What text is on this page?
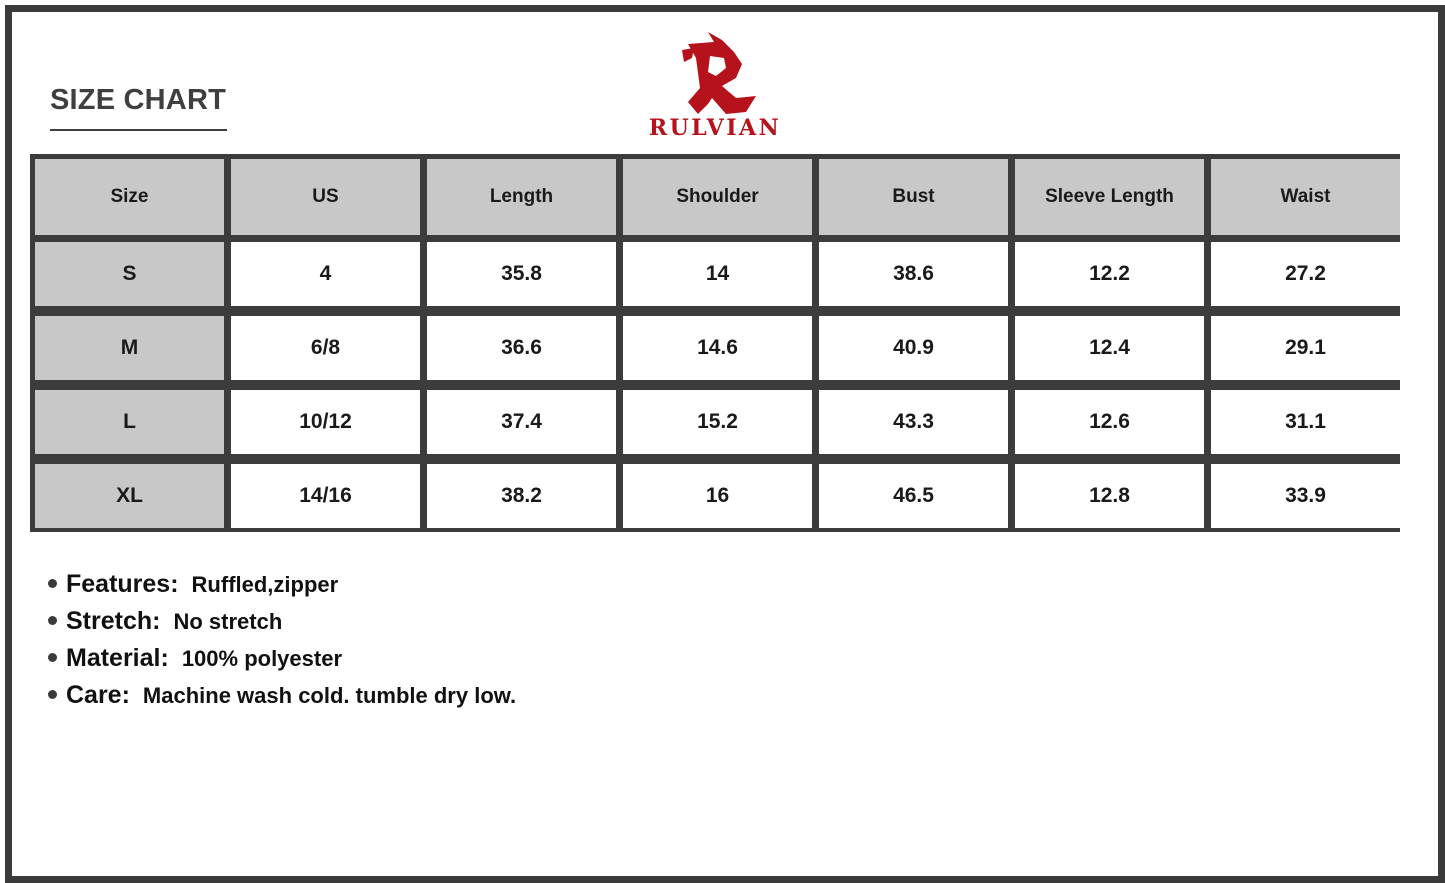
SIZE CHART
RULVIAN
Size	US	Length	Shoulder	Bust	Sleeve Length	Waist
S	4	35.8	14	38.6	12.2	27.2
M	6/8	36.6	14.6	40.9	12.4	29.1
L	10/12	37.4	15.2	43.3	12.6	31.1
XL	14/16	38.2	16	46.5	12.8	33.9
Features: Ruffled,zipper
Stretch: No stretch
Material: 100% polyester
Care: Machine wash cold. tumble dry low.
